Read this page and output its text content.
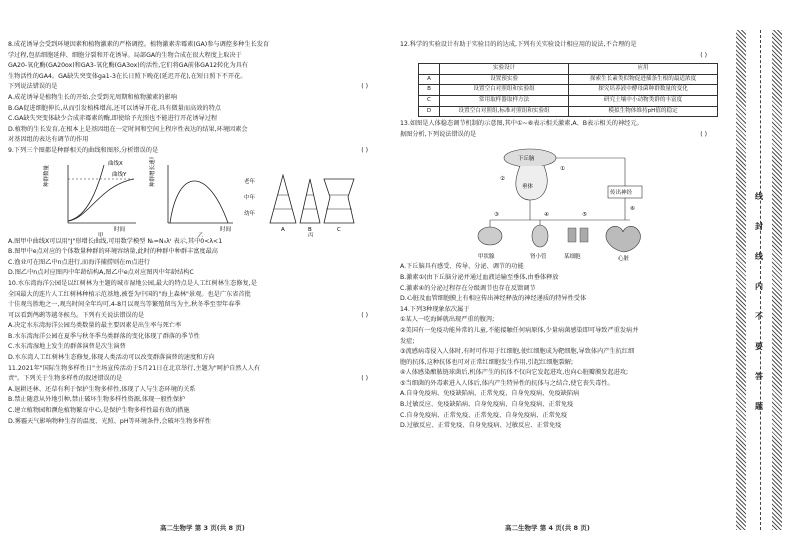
8.成花诱导会受到环境因素和植物激素的严格调控。植物激素赤霉素(GA)参与调控多种生长发育
学过程,包括细胞延伸、细胞分裂和开花诱导。局部GA的生物合成在很大程度上取决于
GA20-氧化酶(GA20ox)和GA3-氧化酶(GA3ox)的活性,它们将GA前体GA12转化为具有
生物活性的GA4。GA缺失突变体ga1-3在长日照下晚花(延迟开花),在短日照下不开花。
下列说法错误的是	( )
A.成花诱导是植物生长的开始,会受到光周期和植物激素的影响
B.GA促进细胞伸长,从而引发植株增高,还可以诱导开花,具有微量而高效的特点
C.GA缺失突变体缺少合成赤霉素的酶,即使给予光照也不能进行开花诱导过程
D.植物的生长发育,在根本上是基因组在一定时间和空间上程序性表达的结果,环境因素会
对基因组的表达有调节的作用
9.下列三个图都是种群相关的曲线和图形,分析错误的是	( )
曲线X
曲线Y
时间
甲
种群增长速率
时间
乙
老年
中年
幼年
A	B	C
丙
种群数量
A.图甲中曲线X可以用"J"形增长曲线,可用数学模型 Nₜ=N₀λᵗ 表示,其中0<λ<1
B.图甲中e点对应的个体数量种群的环境容纳量,此时的种群中种群丰富度最高
C.渔业可在图乙中n点进行,而海洋捕捞则在m点进行
D.图乙中n点对应图丙中年龄结构A,图乙中e点对应图丙中年龄结构C
10.水东湾海洋公园是以红树林为主题的城市湿地公园,最大的特点是人工红树林生态修复,是
全国最大的连片人工红树林种植示范基地,被誉为中国的"海上森林"景观。也是广东省首批
十佳观鸟胜地之一,观鸟时间全年均可,4-8月以观鸟等繁殖留鸟为主,秋冬季至翌年春季
可以看到鸬鹚等越冬候鸟。下列有关说法错误的是	( )
A.决定水东湾海洋公园鸟类数量的最主要因素是出生率与死亡率
B.水东湾海洋公园在夏季与秋冬季鸟类群落的变化体现了群落的季节性
C.水东湾湿地上发生的群落演替是次生演替
D.水东湾人工红树林生态修复,体现人类活动可以改变群落演替的速度和方向
11.2021年"国际生物多样性日"主场宣传活动于5月21日在北京举行,主题为"呵护自然人人有
责"。下列关于生物多样性的叙述错误的是	( )
A.退耕还林、还草有利于保护生物多样性,体现了人与生态环境的关系
B.禁止随意从外地引种,禁止破坏生物多样性资源,体现一般性保护
C.建立植物园和濒危植物繁育中心,是保护生物多样性最有效的措施
D.雾霾天气影响物种生存的温度、光照、pH等环境条件,会破坏生物多样性
高二生物学 第 3 页(共 8 页)
12.科学的实验设计有助于实验目的的达成,下列有关实验设计相应用的说法,不合理的是
( )
	实验设计	应用
A	设置预实验	探索生长素类似物促进插条生根的最适浓度
B	设置空白对照组和实验组	探究培养液中酵母菌种群数量的变化
C	常用取样器取样方法	研究土壤中小动物类群的丰富度
D	设置空白对照组,标准对照组和实验组	模拟生物体维持pH值的稳定
13.如图是人体稳态调节机制的示意图,其中①~⑥表示相关激素,A、B表示相关的神经元。
据图分析,下列说法错误的是	( )
下丘脑
垂体
传出神经
甲状腺	肾小管	心脏
某细胞
①
②
③	④	⑤
⑥
A.下丘脑具有感受、传导、分泌、调节的功能
B.激素①(由下丘脑分泌并通过血液运输至垂体,由垂体释放
C.激素④的分泌过程存在分级调节也存在反馈调节
D.心脏及血管细胞膜上有相应传出神经释放的神经递质的特异性受体
14.下列3种现象依次属于
①某人一吃海鲜就出现严重的腹泻;
②美国有一免疫功能异常的儿童,不能接触任何病原体,少量病菌感染即可导致严重发病并
发症;
③流感病毒侵入人体时,有时可作用于红细胞,使红细胞成为靶细胞,导致体内产生抗红细
胞的抗体,这种抗体也可对正常红细胞发生作用,引起红细胞裂解;
④人体感染酿脓链球菌后,机体产生的抗体不仅向它发起进攻,也向心脏瓣膜发起进攻;
⑤当细菌的外毒素进入人体后,体内产生特异性的抗体与之结合,使它丧失毒性。
A.自身免疫病、免疫缺陷病、正常免疫、自身免疫病、免疫缺陷病
B.过敏反应、免疫缺陷病、自身免疫病、自身免疫病、正常免疫
C.自身免疫病、正常免疫、正常免疫、自身免疫病、正常免疫
D.过敏反应、正常免疫、自身免疫病、过敏反应、正常免疫
高二生物学 第 4 页(共 8 页)
线
封
线
内
不
要
答
题
